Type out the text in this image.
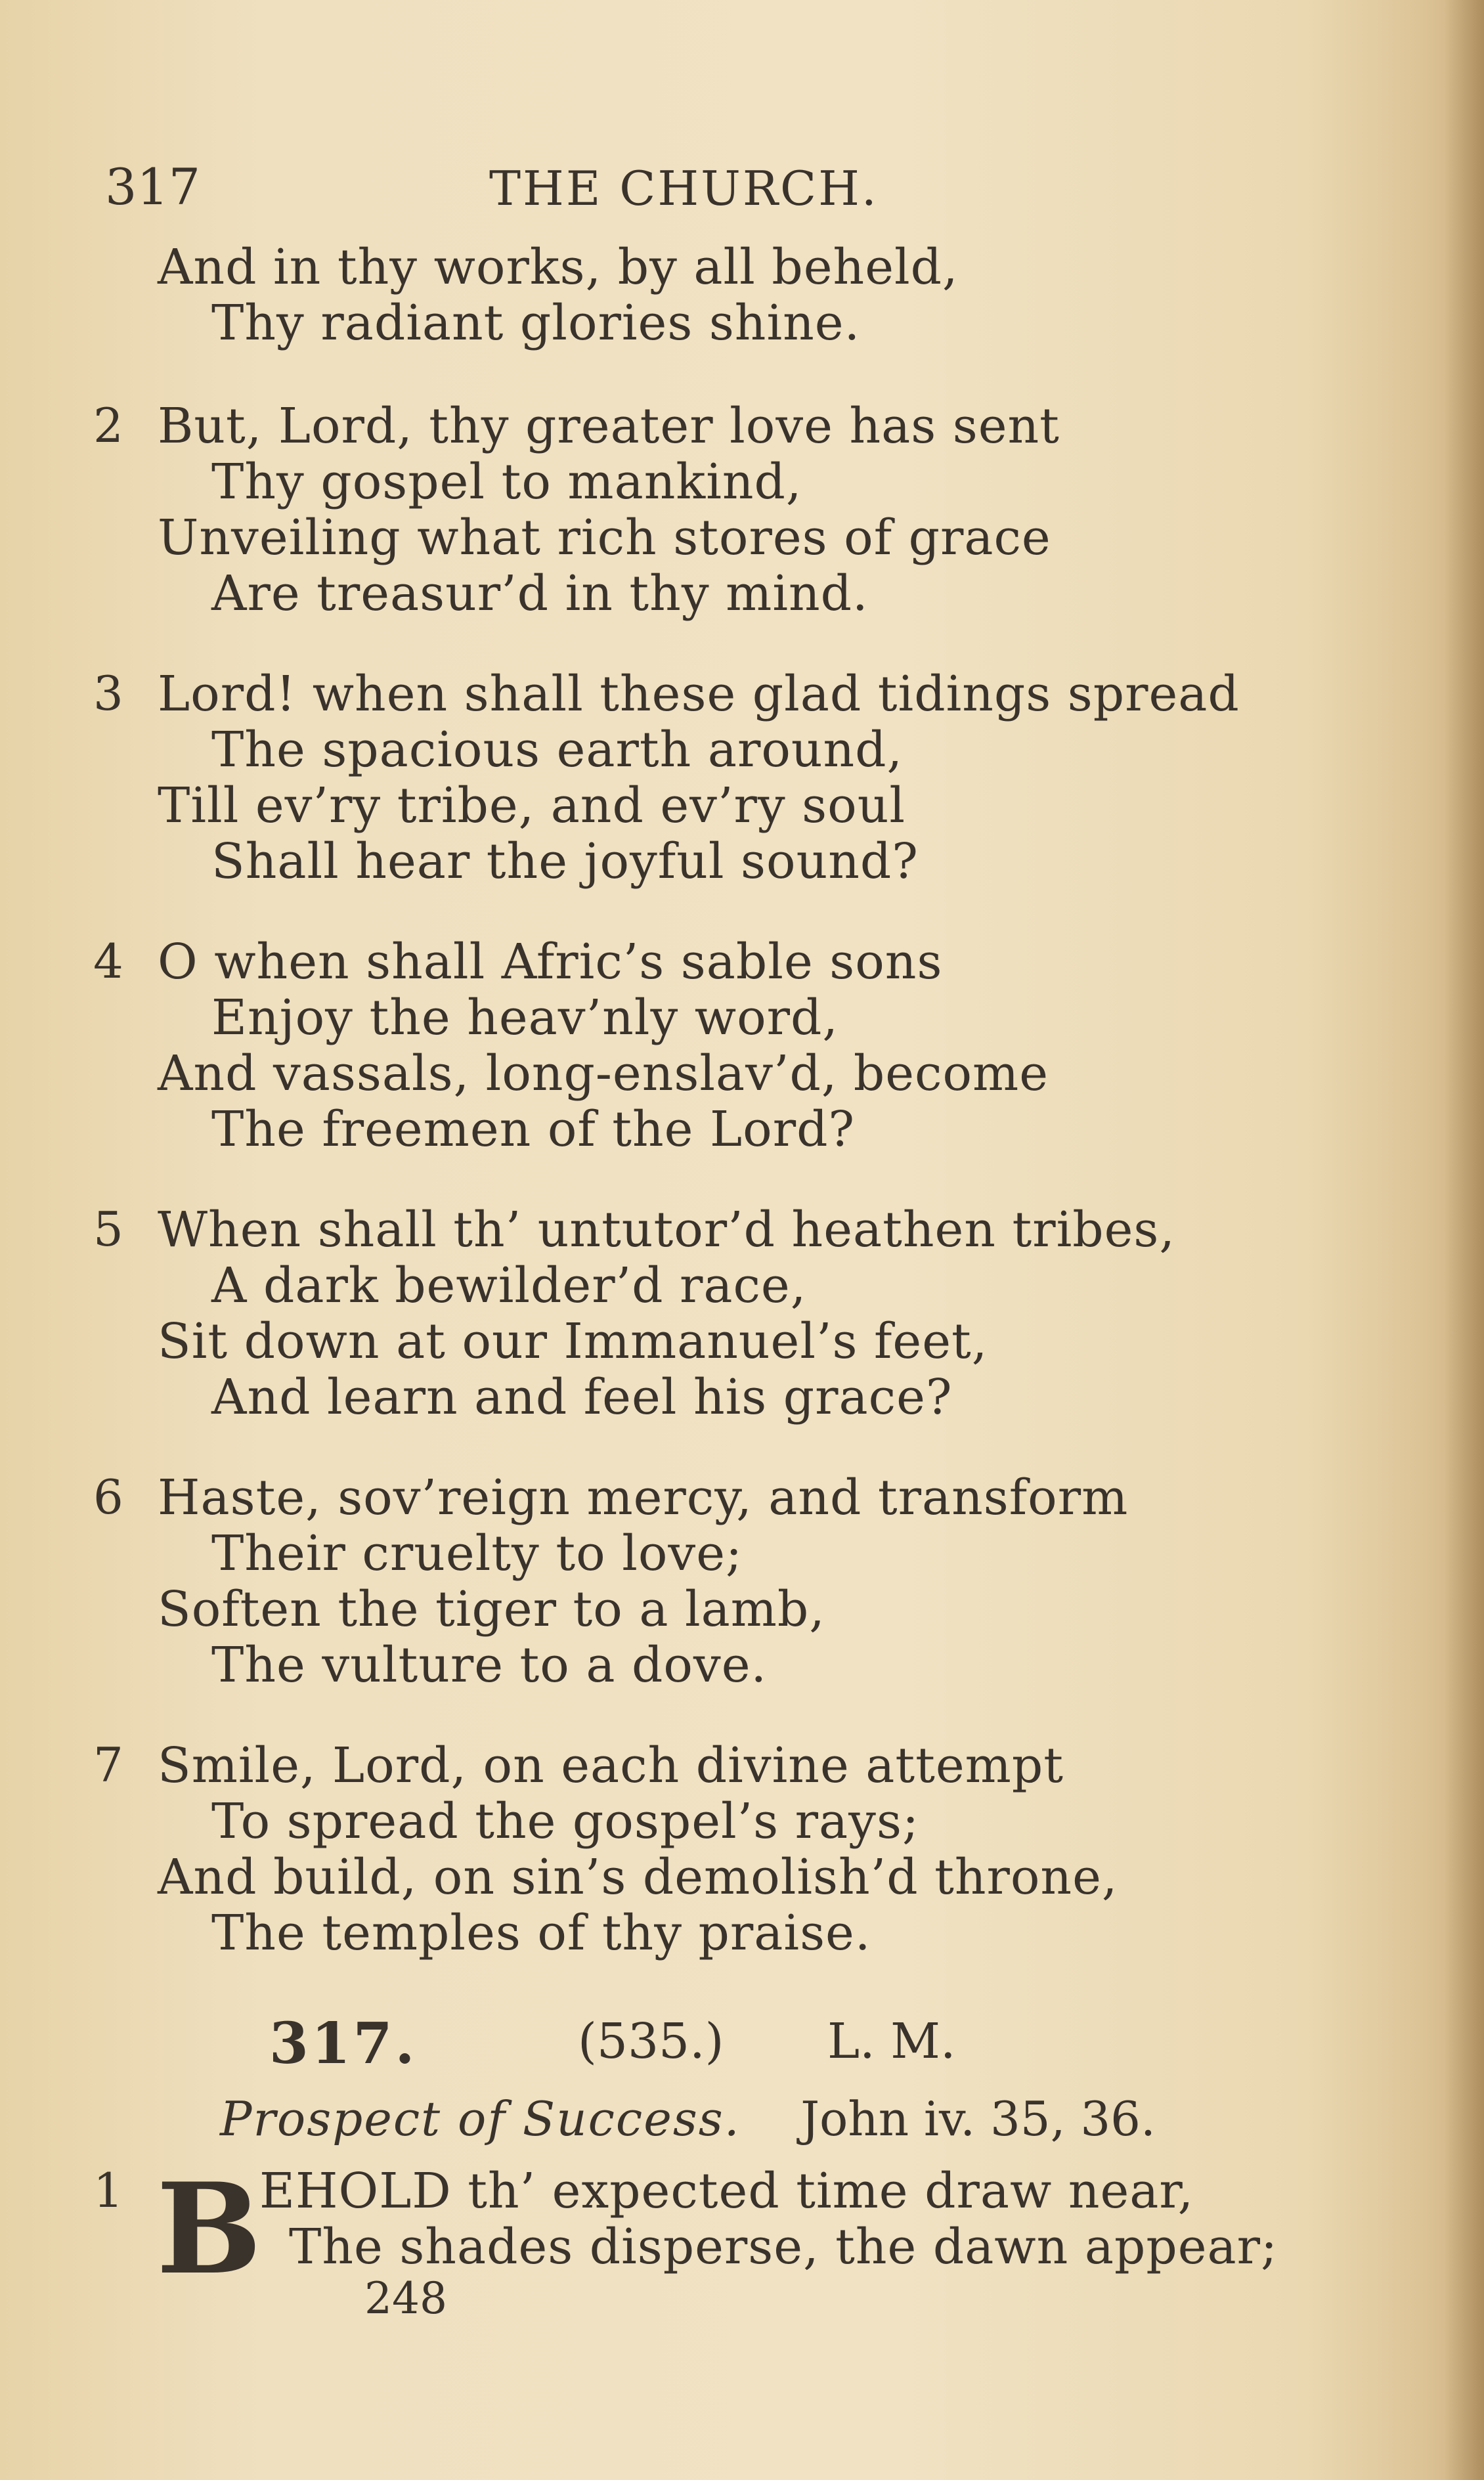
317	THE CHURCH.
And in thy works, by all beheld,
Thy radiant glories shine.
2 But, Lord, thy greater love has sent
Thy gospel to mankind,
Unveiling what rich stores of grace
Are treasur’d in thy mind.
3 Lord! when shall these glad tidings spread
The spacious earth around,
Till ev’ry tribe, and ev’ry soul
Shall hear the joyful sound?
4 O when shall Afric’s sable sons
Enjoy the heav’nly word,
And vassals, long-enslav’d, become
The freemen of the Lord?
5 When shall th’ untutor’d heathen tribes,
A dark bewilder’d race,
Sit down at our Immanuel’s feet,
And learn and feel his grace?
6 Haste, sov’reign mercy, and transform
Their cruelty to love;
Soften the tiger to a lamb,
The vulture to a dove.
7 Smile, Lord, on each divine attempt
To spread the gospel’s rays;
And build, on sin’s demolish’d throne,
The temples of thy praise.
317.	(535.) L. M.
Prospect of Success. John iv. 35, 36.
1 B
EHOLD th’ expected time draw near,
The shades disperse, the dawn appear;
248
